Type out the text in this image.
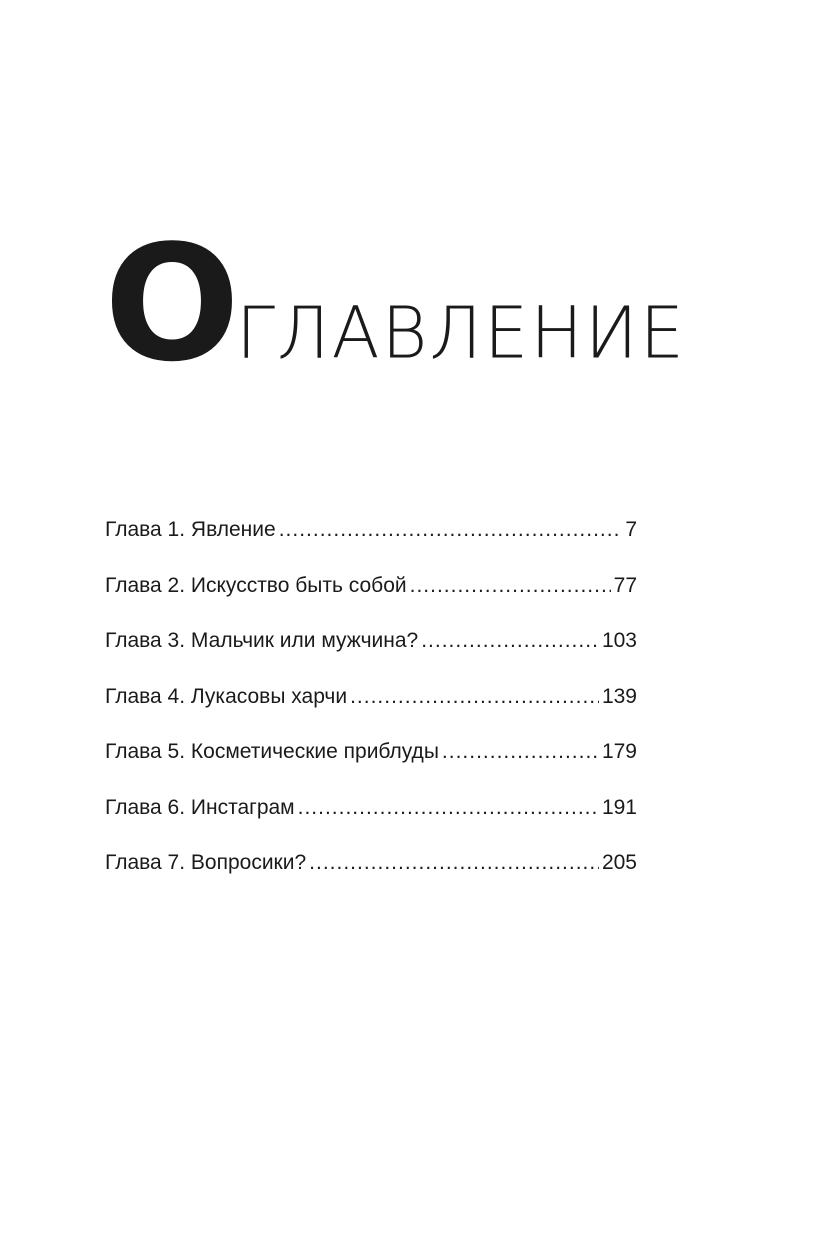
О
ГЛАВЛЕНИЕ
Глава 1. Явление .....	7
Глава 2. Искусство быть собой .....	77
Глава 3. Мальчик или мужчина? .....	103
Глава 4. Лукасовы харчи .....	139
Глава 5. Косметические приблуды .....	179
Глава 6. Инстаграм .....	191
Глава 7. Вопросики? .....	205
